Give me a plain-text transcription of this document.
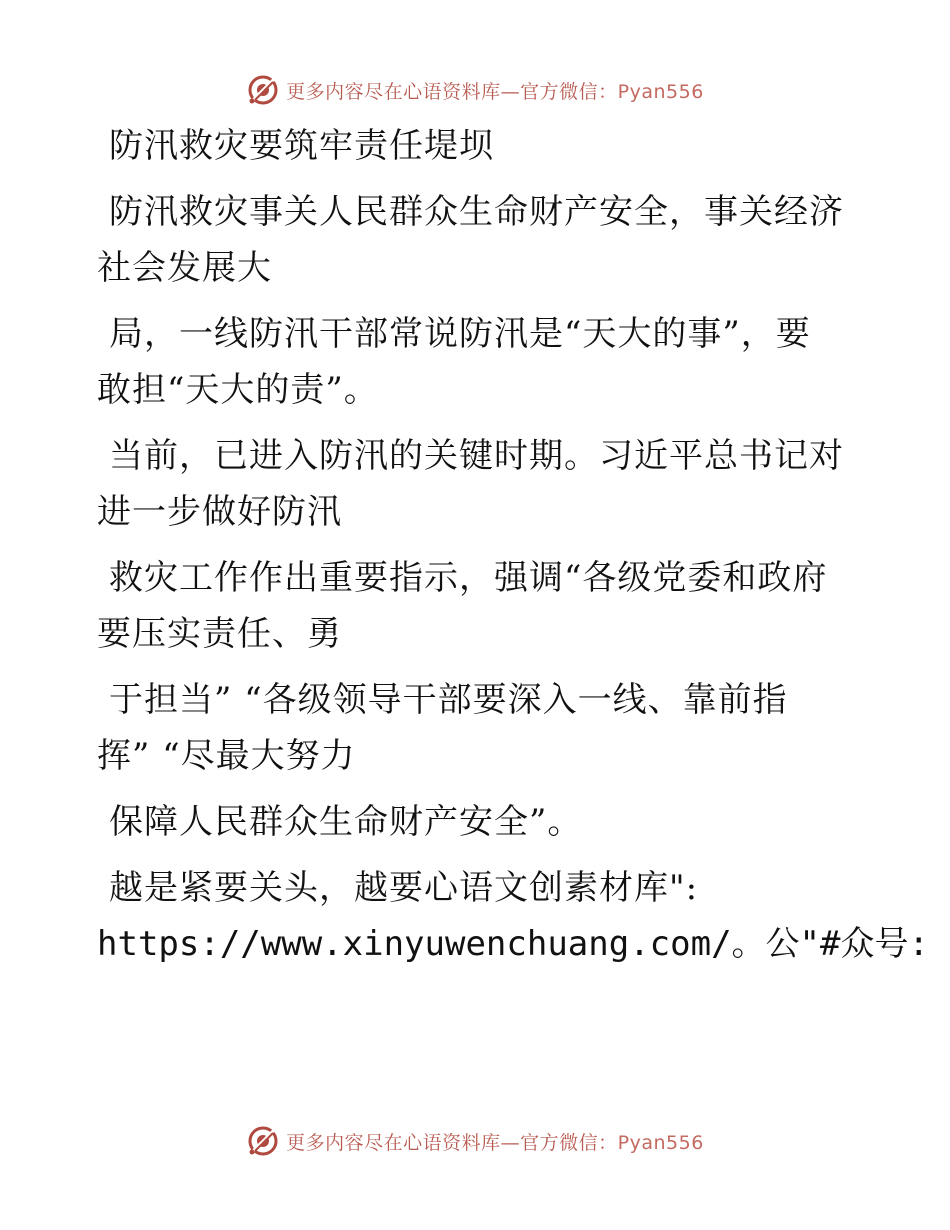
更多内容尽在心语资料库—官方微信：Pyan556
防汛救灾要筑牢责任堤坝
防汛救灾事关人民群众生命财产安全，事关经济
社会发展大
局，一线防汛干部常说防汛是“天大的事”，要
敢担“天大的责”。
当前，已进入防汛的关键时期。习近平总书记对
进一步做好防汛
救灾工作作出重要指示，强调“各级党委和政府
要压实责任、勇
于担当” “各级领导干部要深入一线、靠前指
挥” “尽最大努力
保障人民群众生命财产安全”。
越是紧要关头，越要心语文创素材库":
https://www.xinyuwenchuang.com/。公"#众号:
更多内容尽在心语资料库—官方微信：Pyan556
